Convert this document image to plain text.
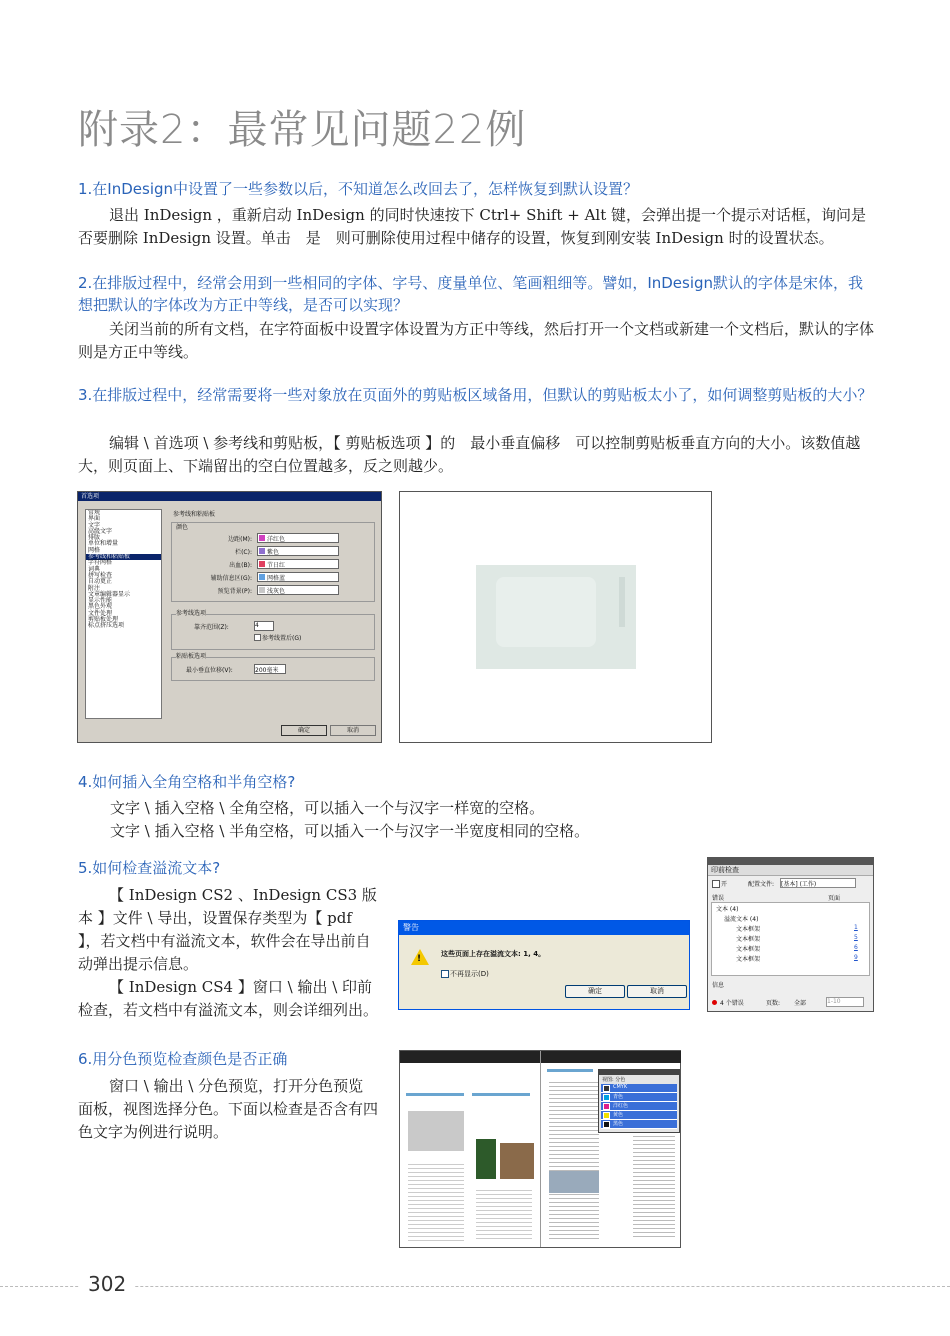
附录2：最常见问题22例
1.在InDesign中设置了一些参数以后，不知道怎么改回去了，怎样恢复到默认设置？
退出 InDesign ，重新启动 InDesign 的同时快速按下 Ctrl+ Shift + Alt 键，会弹出提一个提示对话框，询问是否要删除 InDesign 设置。单击　是　则可删除使用过程中储存的设置，恢复到刚安装 InDesign 时的设置状态。
2.在排版过程中，经常会用到一些相同的字体、字号、度量单位、笔画粗细等。譬如，InDesign默认的字体是宋体，我想把默认的字体改为方正中等线，是否可以实现？
关闭当前的所有文档，在字符面板中设置字体设置为方正中等线，然后打开一个文档或新建一个文档后，默认的字体则是方正中等线。
3.在排版过程中，经常需要将一些对象放在页面外的剪贴板区域备用，但默认的剪贴板太小了，如何调整剪贴板的大小？
编辑 \ 首选项 \ 参考线和剪贴板，【 剪贴板选项 】的　最小垂直偏移　可以控制剪贴板垂直方向的大小。该数值越大，则页面上、下端留出的空白位置越多，反之则越少。
首选项
常规
界面
文字
高级文字
排版
单位和增量
网格
参考线和粘贴板
字符网格
词典
拼写检查
自动更正
附注
文章编辑器显示
显示性能
黑色外观
文件处理
剪贴板处理
标点挤压选项
参考线和粘贴板
颜色
边距(M):	洋红色
栏(C):	紫色
出血(B):	节日红
辅助信息区(G):	网格蓝
预览背景(P):	浅灰色
参考线选项
靠齐范围(Z):	4
参考线置后(G)
粘贴板选项
最小垂直位移(V):	200毫米
确定	取消
4.如何插入全角空格和半角空格?
文字 \ 插入空格 \ 全角空格，可以插入一个与汉字一样宽的空格。
文字 \ 插入空格 \ 半角空格，可以插入一个与汉字一半宽度相同的空格。
5.如何检查溢流文本?

【 InDesign CS2 、InDesign CS3 版本 】文件 \ 导出，设置保存类型为【 pdf 】，若文档中有溢流文本，软件会在导出前自动弹出提示信息。

【 InDesign CS4 】窗口 \ 输出 \ 印前检查，若文档中有溢流文本，则会详细列出。

警告
!	这些页面上存在溢流文本: 1, 4。
不再显示(D)
确定	取消
印前检查
开	配置文件: [基本] (工作)
错误	页面
文本 (4)
溢流文本 (4)
文本框架	1
文本框架	5
文本框架	6
文本框架	9
信息
4 个错误	页数: 全部	1-10
6.用分色预览检查颜色是否正确

窗口 \ 输出 \ 分色预览，打开分色预览面板，视图选择分色。下面以检查是否含有四色文字为例进行说明。

视图: 分色
CMYK
青色
洋红色
黄色
黑色
302
